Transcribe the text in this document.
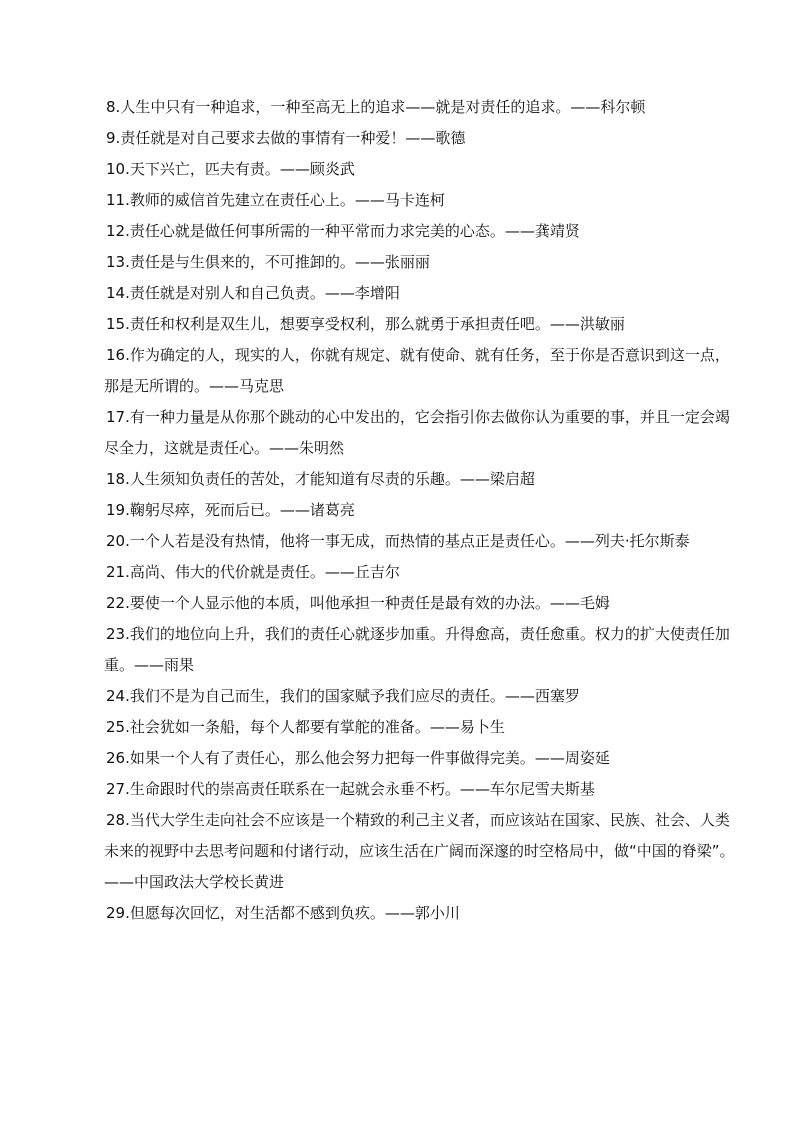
8.人生中只有一种追求，一种至高无上的追求——就是对责任的追求。——科尔顿

9.责任就是对自己要求去做的事情有一种爱！——歌德

10.天下兴亡，匹夫有责。——顾炎武

11.教师的威信首先建立在责任心上。——马卡连柯

12.责任心就是做任何事所需的一种平常而力求完美的心态。——龚靖贤

13.责任是与生俱来的，不可推卸的。——张丽丽

14.责任就是对别人和自己负责。——李增阳

15.责任和权利是双生儿，想要享受权利，那么就勇于承担责任吧。——洪敏丽

16.作为确定的人，现实的人，你就有规定、就有使命、就有任务，至于你是否意识到这一点，那是无所谓的。——马克思

17.有一种力量是从你那个跳动的心中发出的，它会指引你去做你认为重要的事，并且一定会竭尽全力，这就是责任心。——朱明然

18.人生须知负责任的苦处，才能知道有尽责的乐趣。——梁启超

19.鞠躬尽瘁，死而后已。——诸葛亮

20.一个人若是没有热情，他将一事无成，而热情的基点正是责任心。——列夫·托尔斯泰

21.高尚、伟大的代价就是责任。——丘吉尔

22.要使一个人显示他的本质，叫他承担一种责任是最有效的办法。——毛姆

23.我们的地位向上升，我们的责任心就逐步加重。升得愈高，责任愈重。权力的扩大使责任加重。——雨果

24.我们不是为自己而生，我们的国家赋予我们应尽的责任。——西塞罗

25.社会犹如一条船，每个人都要有掌舵的准备。——易卜生

26.如果一个人有了责任心，那么他会努力把每一件事做得完美。——周姿延

27.生命跟时代的崇高责任联系在一起就会永垂不朽。——车尔尼雪夫斯基

28.当代大学生走向社会不应该是一个精致的利己主义者，而应该站在国家、民族、社会、人类未来的视野中去思考问题和付诸行动，应该生活在广阔而深邃的时空格局中，做“中国的脊梁”。——中国政法大学校长黄进

29.但愿每次回忆，对生活都不感到负疚。——郭小川
